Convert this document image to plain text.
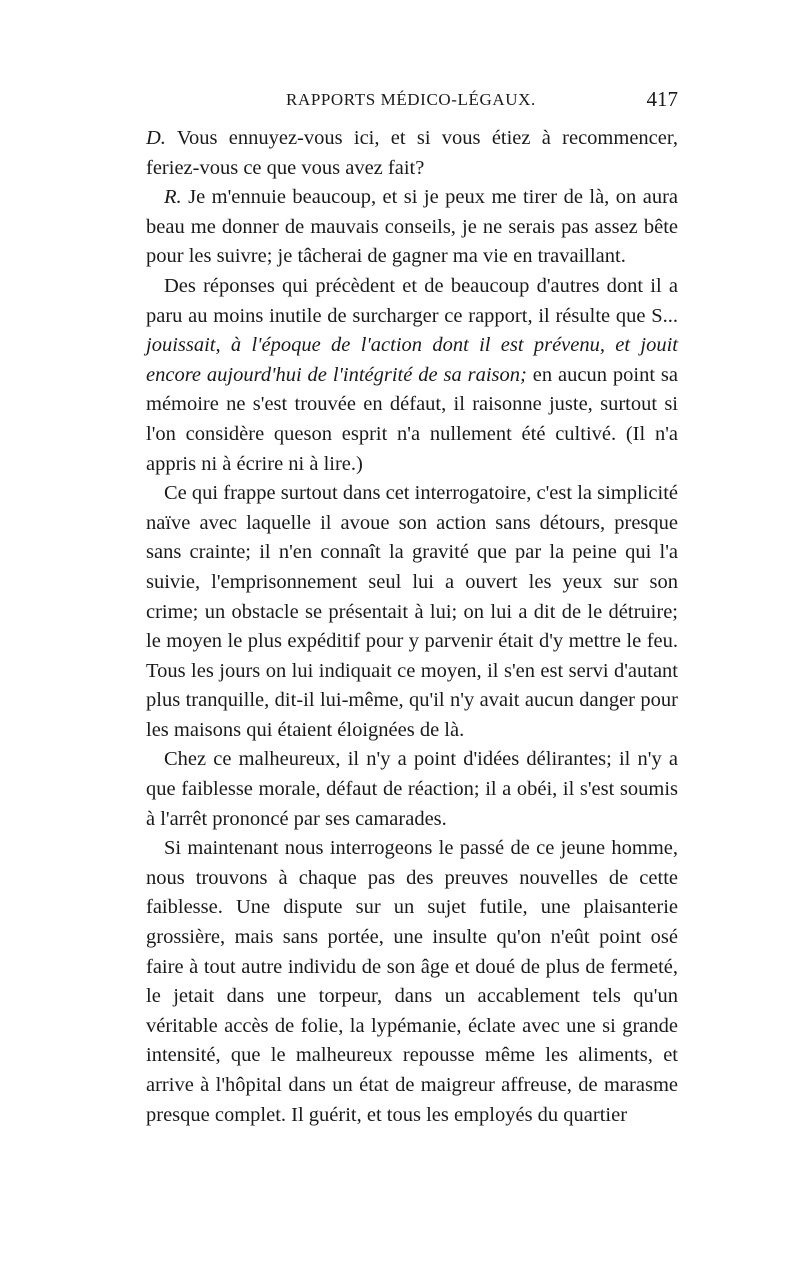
RAPPORTS MÉDICO-LÉGAUX.	417

D. Vous ennuyez-vous ici, et si vous étiez à recommencer, feriez-vous ce que vous avez fait?

R. Je m'ennuie beaucoup, et si je peux me tirer de là, on aura beau me donner de mauvais conseils, je ne serais pas assez bête pour les suivre; je tâcherai de gagner ma vie en travaillant.

Des réponses qui précèdent et de beaucoup d'autres dont il a paru au moins inutile de surcharger ce rapport, il résulte que S... jouissait, à l'époque de l'action dont il est prévenu, et jouit encore aujourd'hui de l'intégrité de sa raison; en aucun point sa mémoire ne s'est trouvée en défaut, il raisonne juste, surtout si l'on considère queson esprit n'a nullement été cultivé. (Il n'a appris ni à écrire ni à lire.)

Ce qui frappe surtout dans cet interrogatoire, c'est la simplicité naïve avec laquelle il avoue son action sans détours, presque sans crainte; il n'en connaît la gravité que par la peine qui l'a suivie, l'emprisonnement seul lui a ouvert les yeux sur son crime; un obstacle se présentait à lui; on lui a dit de le détruire; le moyen le plus expéditif pour y parvenir était d'y mettre le feu. Tous les jours on lui indiquait ce moyen, il s'en est servi d'autant plus tranquille, dit-il lui-même, qu'il n'y avait aucun danger pour les maisons qui étaient éloignées de là.

Chez ce malheureux, il n'y a point d'idées délirantes; il n'y a que faiblesse morale, défaut de réaction; il a obéi, il s'est soumis à l'arrêt prononcé par ses camarades.

Si maintenant nous interrogeons le passé de ce jeune homme, nous trouvons à chaque pas des preuves nouvelles de cette faiblesse. Une dispute sur un sujet futile, une plaisanterie grossière, mais sans portée, une insulte qu'on n'eût point osé faire à tout autre individu de son âge et doué de plus de fermeté, le jetait dans une torpeur, dans un accablement tels qu'un véritable accès de folie, la lypémanie, éclate avec une si grande intensité, que le malheureux repousse même les aliments, et arrive à l'hôpital dans un état de maigreur affreuse, de marasme presque complet. Il guérit, et tous les employés du quartier
